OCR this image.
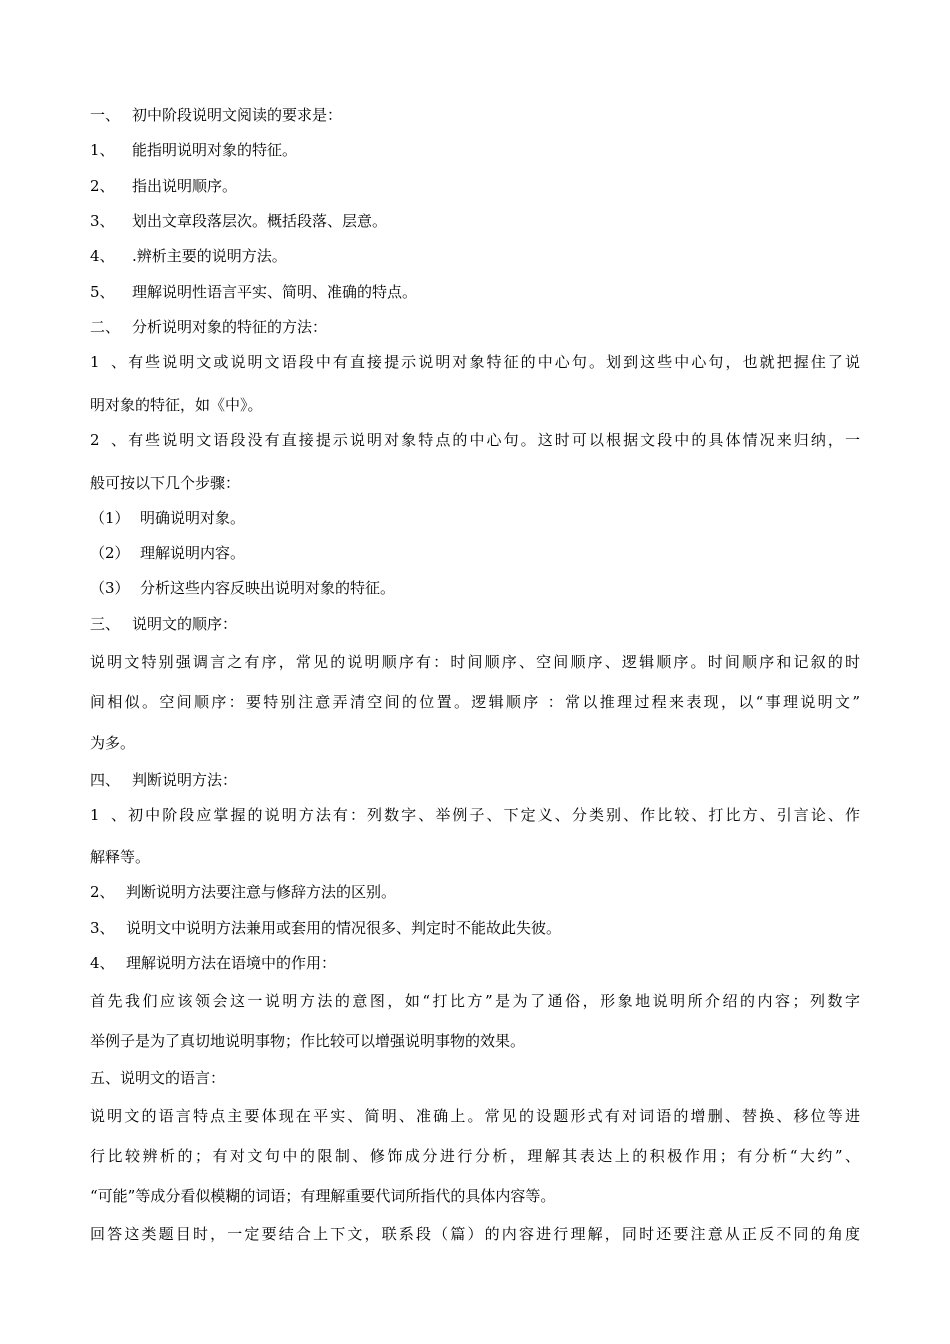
一、 初中阶段说明文阅读的要求是：
1、 能指明说明对象的特征。
2、 指出说明顺序。
3、 划出文章段落层次。概括段落、层意。
4、 .辨析主要的说明方法。
5、 理解说明性语言平实、简明、准确的特点。
二、 分析说明对象的特征的方法：
1、有些说明文或说明文语段中有直接提示说明对象特征的中心句。划到这些中心句，也就把握住了说
明对象的特征，如《中》。
2、有些说明文语段没有直接提示说明对象特点的中心句。这时可以根据文段中的具体情况来归纳，一
般可按以下几个步骤：
（1） 明确说明对象。
（2） 理解说明内容。
（3） 分析这些内容反映出说明对象的特征。
三、 说明文的顺序：
说明文特别强调言之有序，常见的说明顺序有：时间顺序、空间顺序、逻辑顺序。时间顺序和记叙的时
间相似。空间顺序：要特别注意弄清空间的位置。逻辑顺序 ：常以推理过程来表现，以“事理说明文”
为多。
四、 判断说明方法：
1、初中阶段应掌握的说明方法有：列数字、举例子、下定义、分类别、作比较、打比方、引言论、作
解释等。
2、 判断说明方法要注意与修辞方法的区别。
3、 说明文中说明方法兼用或套用的情况很多、判定时不能故此失彼。
4、 理解说明方法在语境中的作用：
首先我们应该领会这一说明方法的意图，如“打比方”是为了通俗，形象地说明所介绍的内容；列数字
举例子是为了真切地说明事物；作比较可以增强说明事物的效果。
五、说明文的语言：
说明文的语言特点主要体现在平实、简明、准确上。常见的设题形式有对词语的增删、替换、移位等进
行比较辨析的；有对文句中的限制、修饰成分进行分析，理解其表达上的积极作用；有分析“大约”、
“可能”等成分看似模糊的词语；有理解重要代词所指代的具体内容等。
回答这类题目时，一定要结合上下文，联系段（篇）的内容进行理解，同时还要注意从正反不同的角度
